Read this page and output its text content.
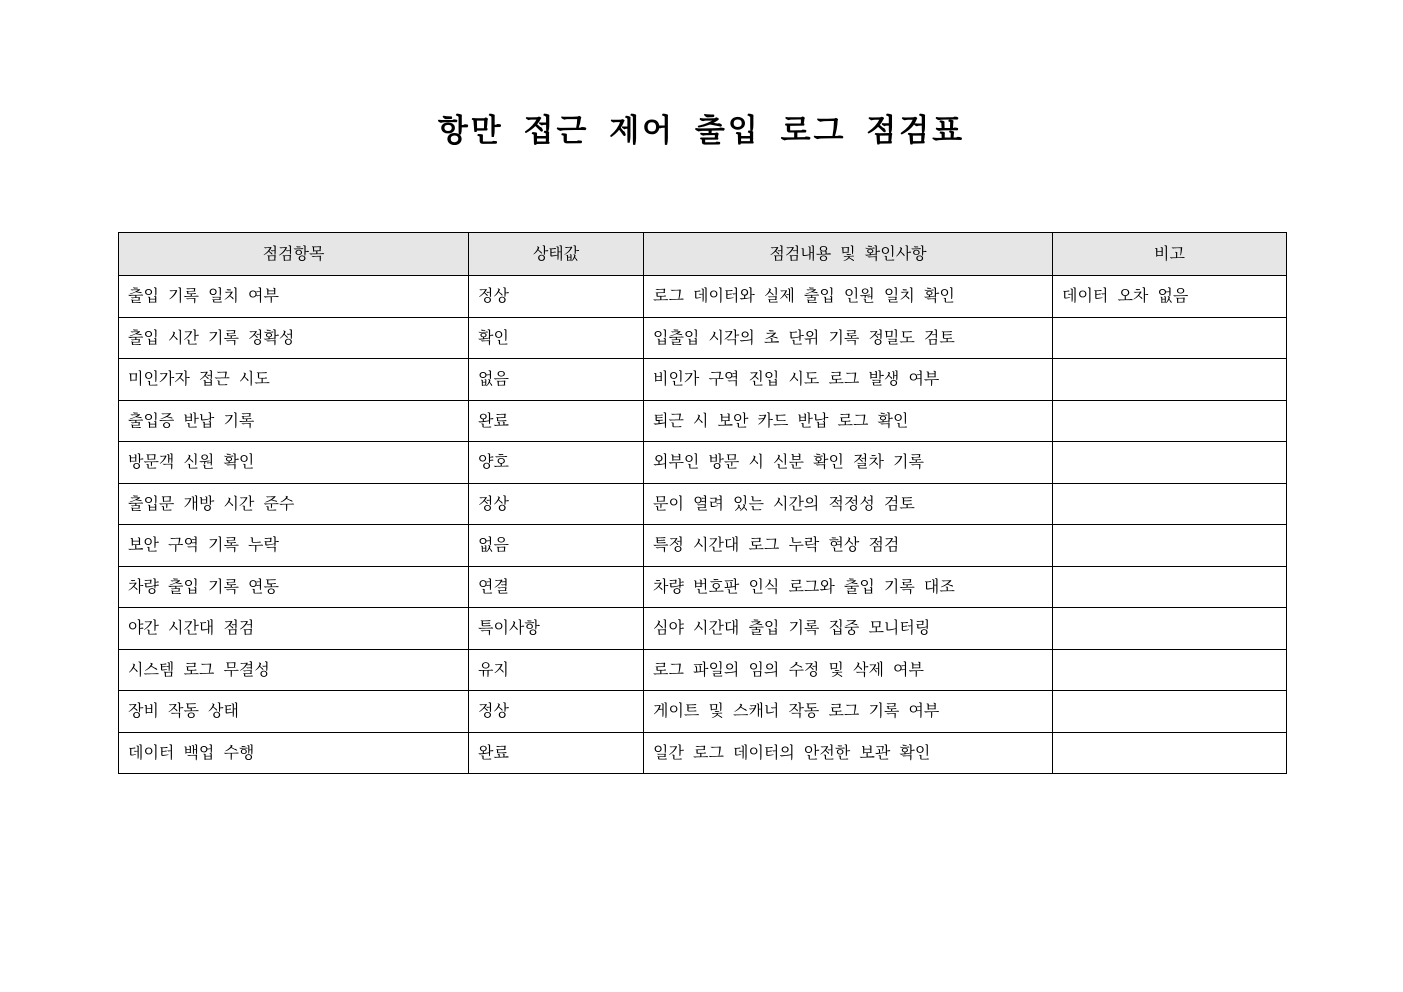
항만 접근 제어 출입 로그 점검표
점검항목	상태값	점검내용 및 확인사항	비고
출입 기록 일치 여부	정상	로그 데이터와 실제 출입 인원 일치 확인	데이터 오차 없음
출입 시간 기록 정확성	확인	입출입 시각의 초 단위 기록 정밀도 검토	
미인가자 접근 시도	없음	비인가 구역 진입 시도 로그 발생 여부	
출입증 반납 기록	완료	퇴근 시 보안 카드 반납 로그 확인	
방문객 신원 확인	양호	외부인 방문 시 신분 확인 절차 기록	
출입문 개방 시간 준수	정상	문이 열려 있는 시간의 적정성 검토	
보안 구역 기록 누락	없음	특정 시간대 로그 누락 현상 점검	
차량 출입 기록 연동	연결	차량 번호판 인식 로그와 출입 기록 대조	
야간 시간대 점검	특이사항	심야 시간대 출입 기록 집중 모니터링	
시스템 로그 무결성	유지	로그 파일의 임의 수정 및 삭제 여부	
장비 작동 상태	정상	게이트 및 스캐너 작동 로그 기록 여부	
데이터 백업 수행	완료	일간 로그 데이터의 안전한 보관 확인	
